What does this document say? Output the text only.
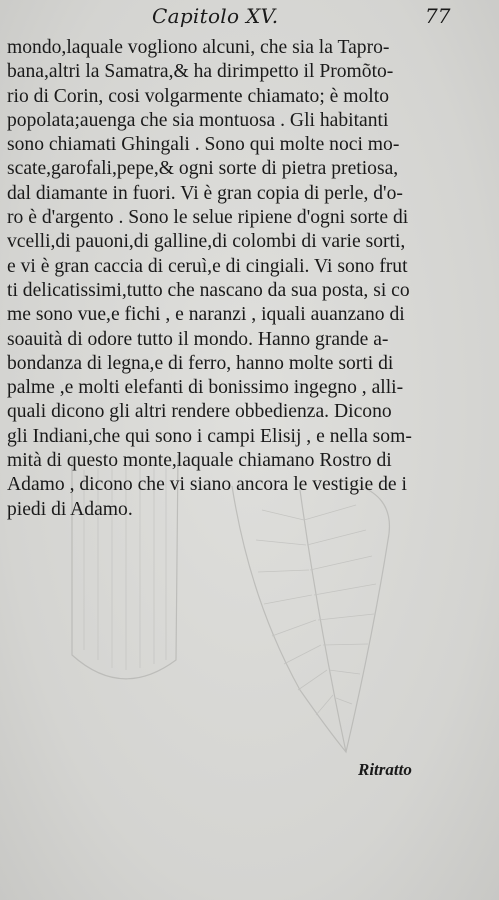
Capitolo XV.	77
mondo,laquale vogliono alcuni, che sia la Tapro-
bana,altri la Samatra,& ha dirimpetto il Promõto-
rio di Corin, cosi volgarmente chiamato; è molto
popolata;auenga che sia montuosa . Gli habitanti
sono chiamati Ghingali . Sono qui molte noci mo-
scate,garofali,pepe,& ogni sorte di pietra pretiosa,
dal diamante in fuori. Vi è gran copia di perle, d'o-
ro è d'argento . Sono le selue ripiene d'ogni sorte di
vcelli,di pauoni,di galline,di colombi di varie sorti,
e vi è gran caccia di ceruì,e di cingiali. Vi sono frut
ti delicatissimi,tutto che nascano da sua posta, si co
me sono vue,e fichi , e naranzi , iquali auanzano di
soauità di odore tutto il mondo. Hanno grande a-
bondanza di legna,e di ferro, hanno molte sorti di
palme ,e molti elefanti di bonissimo ingegno , alli-
quali dicono gli altri rendere obbedienza. Dicono
gli Indiani,che qui sono i campi Elisij , e nella som-
mità di questo monte,laquale chiamano Rostro di
Adamo , dicono che vi siano ancora le vestigie de i
piedi di Adamo.
Ritratto
